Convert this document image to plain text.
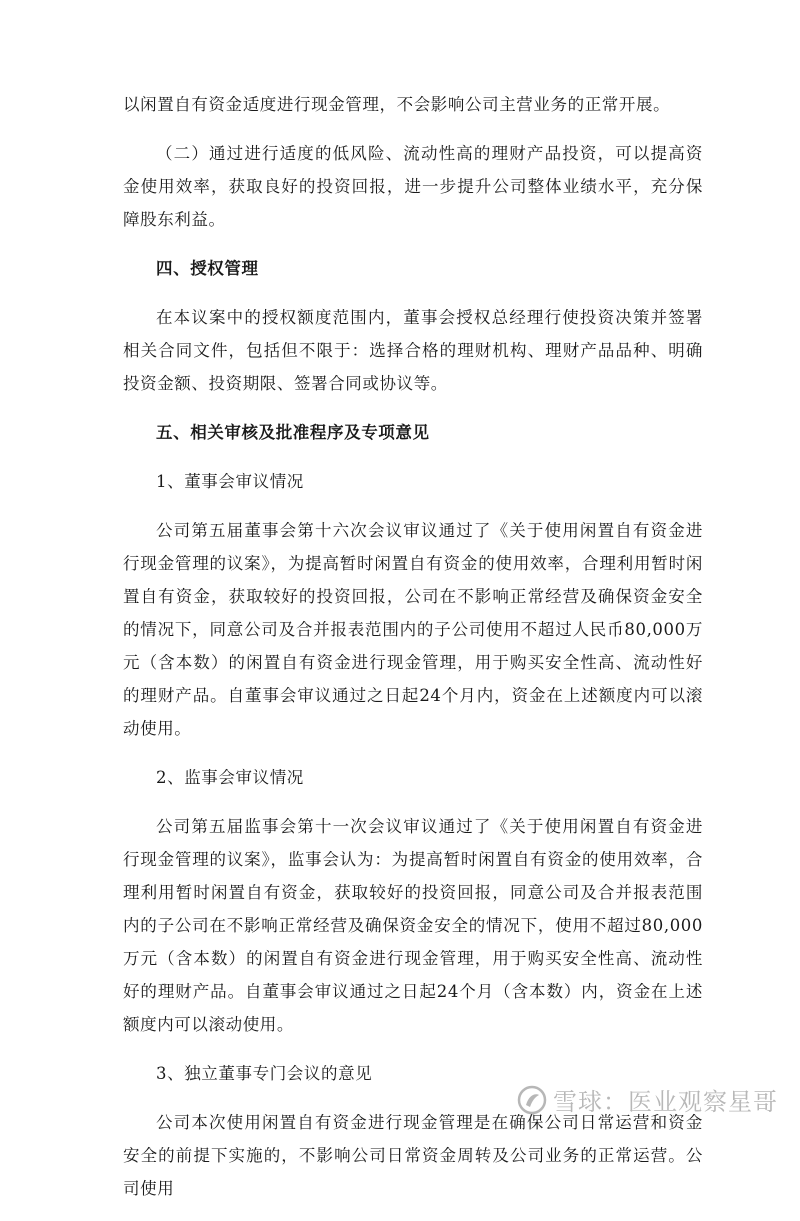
以闲置自有资金适度进行现金管理，不会影响公司主营业务的正常开展。

（二）通过进行适度的低风险、流动性高的理财产品投资，可以提高资金使用效率，获取良好的投资回报，进一步提升公司整体业绩水平，充分保障股东利益。

四、授权管理

在本议案中的授权额度范围内，董事会授权总经理行使投资决策并签署相关合同文件，包括但不限于：选择合格的理财机构、理财产品品种、明确投资金额、投资期限、签署合同或协议等。

五、相关审核及批准程序及专项意见

1、董事会审议情况

公司第五届董事会第十六次会议审议通过了《关于使用闲置自有资金进行现金管理的议案》，为提高暂时闲置自有资金的使用效率，合理利用暂时闲置自有资金，获取较好的投资回报，公司在不影响正常经营及确保资金安全的情况下，同意公司及合并报表范围内的子公司使用不超过人民币80,000万元（含本数）的闲置自有资金进行现金管理，用于购买安全性高、流动性好的理财产品。自董事会审议通过之日起24个月内，资金在上述额度内可以滚动使用。

2、监事会审议情况

公司第五届监事会第十一次会议审议通过了《关于使用闲置自有资金进行现金管理的议案》，监事会认为：为提高暂时闲置自有资金的使用效率，合理利用暂时闲置自有资金，获取较好的投资回报，同意公司及合并报表范围内的子公司在不影响正常经营及确保资金安全的情况下，使用不超过80,000万元（含本数）的闲置自有资金进行现金管理，用于购买安全性高、流动性好的理财产品。自董事会审议通过之日起24个月（含本数）内，资金在上述额度内可以滚动使用。

3、独立董事专门会议的意见

公司本次使用闲置自有资金进行现金管理是在确保公司日常运营和资金安全的前提下实施的，不影响公司日常资金周转及公司业务的正常运营。公司使用

雪球：医业观察星哥
